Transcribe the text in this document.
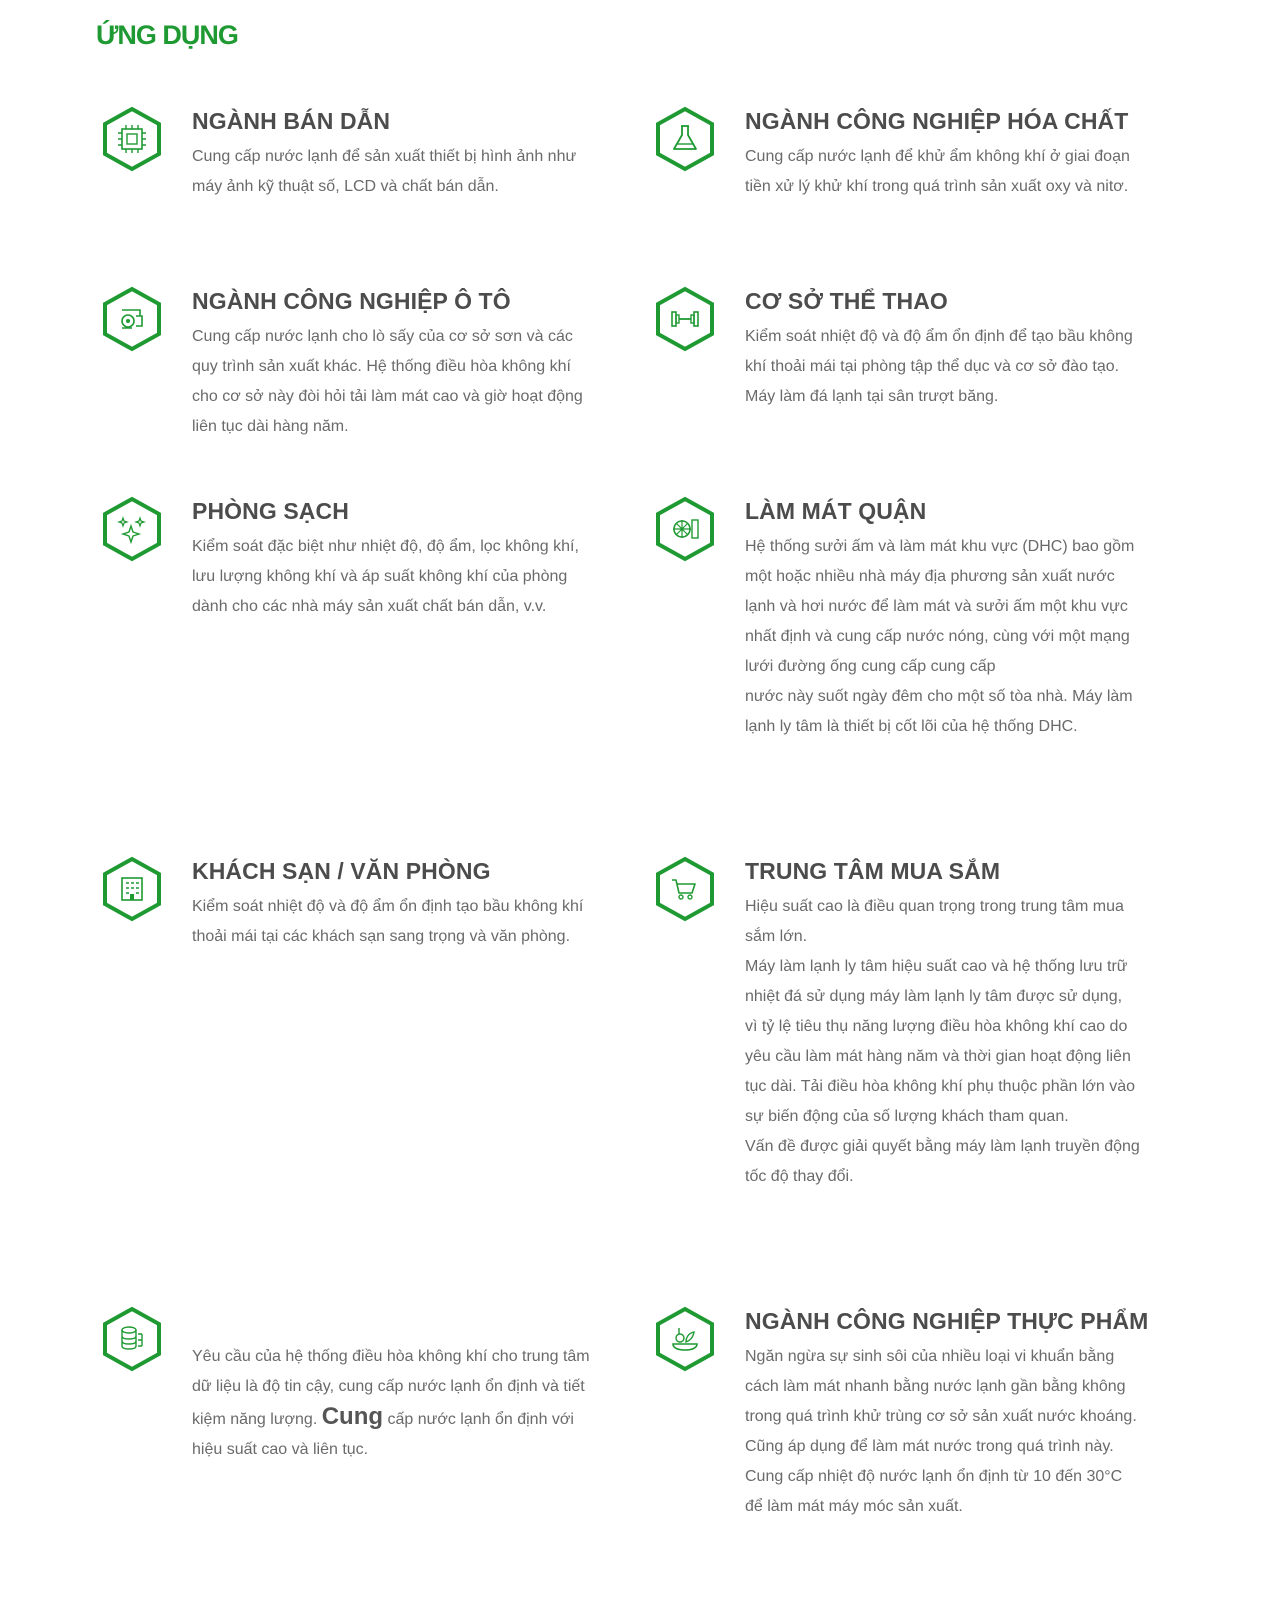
ỨNG DỤNG
NGÀNH BÁN DẪN

Cung cấp nước lạnh để sản xuất thiết bị hình ảnh như máy ảnh kỹ thuật số, LCD và chất bán dẫn.

NGÀNH CÔNG NGHIỆP HÓA CHẤT

Cung cấp nước lạnh để khử ẩm không khí ở giai đoạn tiền xử lý khử khí trong quá trình sản xuất oxy và nitơ.

NGÀNH CÔNG NGHIỆP Ô TÔ

Cung cấp nước lạnh cho lò sấy của cơ sở sơn và các quy trình sản xuất khác. Hệ thống điều hòa không khí cho cơ sở này đòi hỏi tải làm mát cao và giờ hoạt động liên tục dài hàng năm.

CƠ SỞ THỂ THAO

Kiểm soát nhiệt độ và độ ẩm ổn định để tạo bầu không khí thoải mái tại phòng tập thể dục và cơ sở đào tạo. Máy làm đá lạnh tại sân trượt băng.

PHÒNG SẠCH

Kiểm soát đặc biệt như nhiệt độ, độ ẩm, lọc không khí, lưu lượng không khí và áp suất không khí của phòng dành cho các nhà máy sản xuất chất bán dẫn, v.v.

LÀM MÁT QUẬN

Hệ thống sưởi ấm và làm mát khu vực (DHC) bao gồm một hoặc nhiều nhà máy địa phương sản xuất nước lạnh và hơi nước để làm mát và sưởi ấm một khu vực nhất định và cung cấp nước nóng, cùng với một mạng lưới đường ống cung cấp cung cấp

nước này suốt ngày đêm cho một số tòa nhà. Máy làm lạnh ly tâm là thiết bị cốt lõi của hệ thống DHC.

KHÁCH SẠN / VĂN PHÒNG

Kiểm soát nhiệt độ và độ ẩm ổn định tạo bầu không khí thoải mái tại các khách sạn sang trọng và văn phòng.

TRUNG TÂM MUA SẮM

Hiệu suất cao là điều quan trọng trong trung tâm mua sắm lớn.

Máy làm lạnh ly tâm hiệu suất cao và hệ thống lưu trữ nhiệt đá sử dụng máy làm lạnh ly tâm được sử dụng,

vì tỷ lệ tiêu thụ năng lượng điều hòa không khí cao do yêu cầu làm mát hàng năm và thời gian hoạt động liên tục dài. Tải điều hòa không khí phụ thuộc phần lớn vào sự biến động của số lượng khách tham quan.

Vấn đề được giải quyết bằng máy làm lạnh truyền động tốc độ thay đổi.

Yêu cầu của hệ thống điều hòa không khí cho trung tâm dữ liệu là độ tin cậy, cung cấp nước lạnh ổn định và tiết kiệm năng lượng. Cung cấp nước lạnh ổn định với hiệu suất cao và liên tục.

NGÀNH CÔNG NGHIỆP THỰC PHẨM

Ngăn ngừa sự sinh sôi của nhiều loại vi khuẩn bằng cách làm mát nhanh bằng nước lạnh gần bằng không trong quá trình khử trùng cơ sở sản xuất nước khoáng. Cũng áp dụng để làm mát nước trong quá trình này.

Cung cấp nhiệt độ nước lạnh ổn định từ 10 đến 30°C để làm mát máy móc sản xuất.
